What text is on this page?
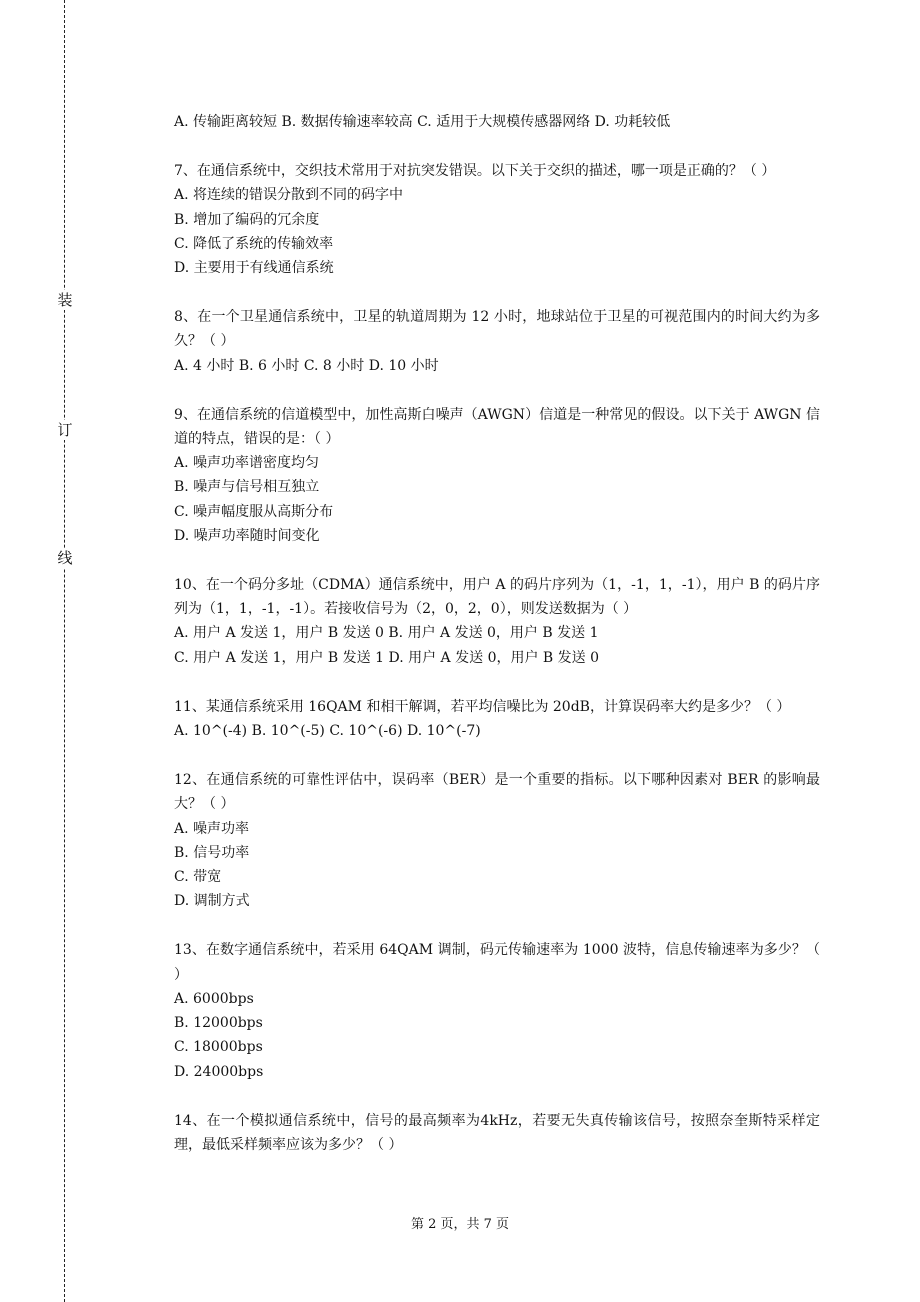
装
订
线

A. 传输距离较短 B. 数据传输速率较高 C. 适用于大规模传感器网络 D. 功耗较低

7、在通信系统中，交织技术常用于对抗突发错误。以下关于交织的描述，哪一项是正确的？（ ）

A. 将连续的错误分散到不同的码字中

B. 增加了编码的冗余度

C. 降低了系统的传输效率

D. 主要用于有线通信系统

8、在一个卫星通信系统中，卫星的轨道周期为 12 小时，地球站位于卫星的可视范围内的时间大约为多久？（ ）

A. 4 小时 B. 6 小时 C. 8 小时 D. 10 小时

9、在通信系统的信道模型中，加性高斯白噪声（AWGN）信道是一种常见的假设。以下关于 AWGN 信道的特点，错误的是：（ ）

A. 噪声功率谱密度均匀

B. 噪声与信号相互独立

C. 噪声幅度服从高斯分布

D. 噪声功率随时间变化

10、在一个码分多址（CDMA）通信系统中，用户 A 的码片序列为（1，-1，1，-1），用户 B 的码片序列为（1，1，-1，-1）。若接收信号为（2，0，2，0），则发送数据为（ ）

A. 用户 A 发送 1，用户 B 发送 0 B. 用户 A 发送 0，用户 B 发送 1

C. 用户 A 发送 1，用户 B 发送 1 D. 用户 A 发送 0，用户 B 发送 0

11、某通信系统采用 16QAM 和相干解调，若平均信噪比为 20dB，计算误码率大约是多少？（ ）

A. 10^(-4) B. 10^(-5) C. 10^(-6) D. 10^(-7)

12、在通信系统的可靠性评估中，误码率（BER）是一个重要的指标。以下哪种因素对 BER 的影响最大？（ ）

A. 噪声功率

B. 信号功率

C. 带宽

D. 调制方式

13、在数字通信系统中，若采用 64QAM 调制，码元传输速率为 1000 波特，信息传输速率为多少？（ ）

A. 6000bps

B. 12000bps

C. 18000bps

D. 24000bps

14、在一个模拟通信系统中，信号的最高频率为4kHz，若要无失真传输该信号，按照奈奎斯特采样定理，最低采样频率应该为多少？（ ）

第 2 页，共 7 页
